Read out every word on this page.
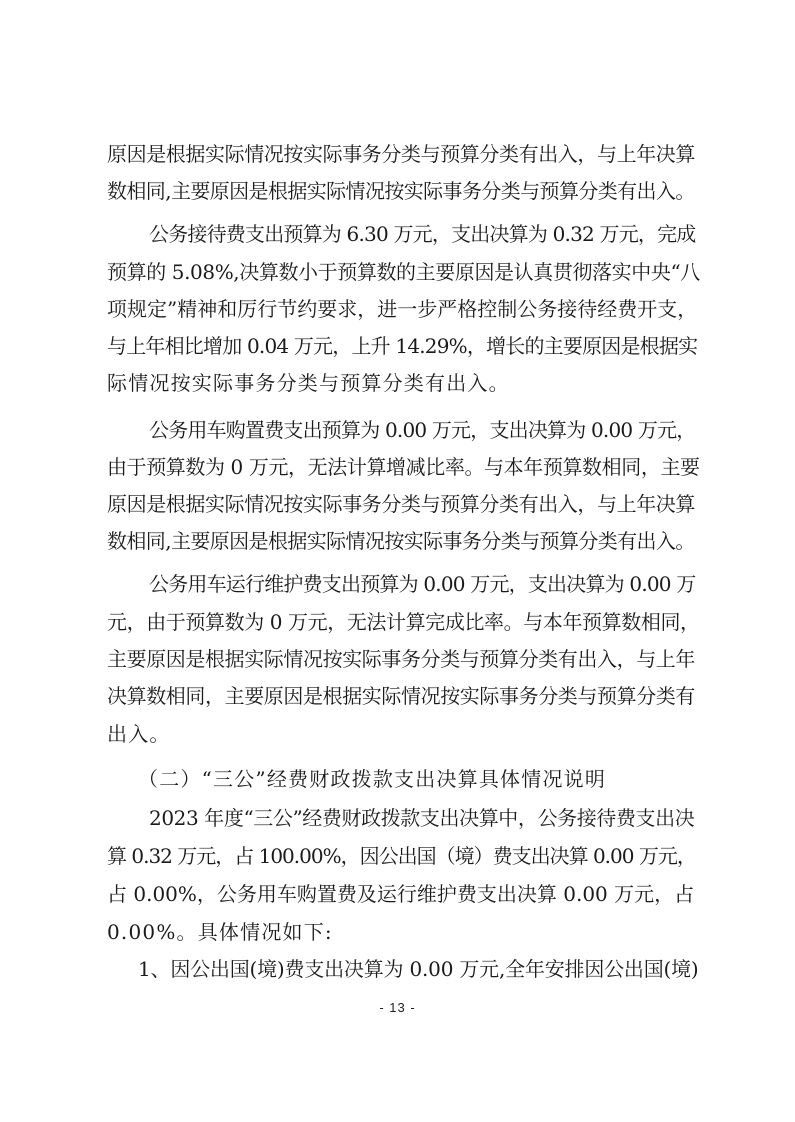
原因是根据实际情况按实际事务分类与预算分类有出入，与上年决算
数相同,主要原因是根据实际情况按实际事务分类与预算分类有出入。
公务接待费支出预算为 6.30 万元，支出决算为 0.32 万元，完成
预算的 5.08%,决算数小于预算数的主要原因是认真贯彻落实中央“八
项规定”精神和厉行节约要求，进一步严格控制公务接待经费开支，
与上年相比增加 0.04 万元，上升 14.29%，增长的主要原因是根据实
际情况按实际事务分类与预算分类有出入。
公务用车购置费支出预算为 0.00 万元，支出决算为 0.00 万元，
由于预算数为 0 万元，无法计算增减比率。与本年预算数相同，主要
原因是根据实际情况按实际事务分类与预算分类有出入，与上年决算
数相同,主要原因是根据实际情况按实际事务分类与预算分类有出入。
公务用车运行维护费支出预算为 0.00 万元，支出决算为 0.00 万
元，由于预算数为 0 万元，无法计算完成比率。与本年预算数相同，
主要原因是根据实际情况按实际事务分类与预算分类有出入，与上年
决算数相同，主要原因是根据实际情况按实际事务分类与预算分类有
出入。
（二）“三公”经费财政拨款支出决算具体情况说明
2023 年度“三公”经费财政拨款支出决算中，公务接待费支出决
算 0.32 万元，占 100.00%，因公出国（境）费支出决算 0.00 万元，
占 0.00%，公务用车购置费及运行维护费支出决算 0.00 万元，占
0.00%。具体情况如下:
1、因公出国(境)费支出决算为 0.00 万元,全年安排因公出国(境)
- 13 -
